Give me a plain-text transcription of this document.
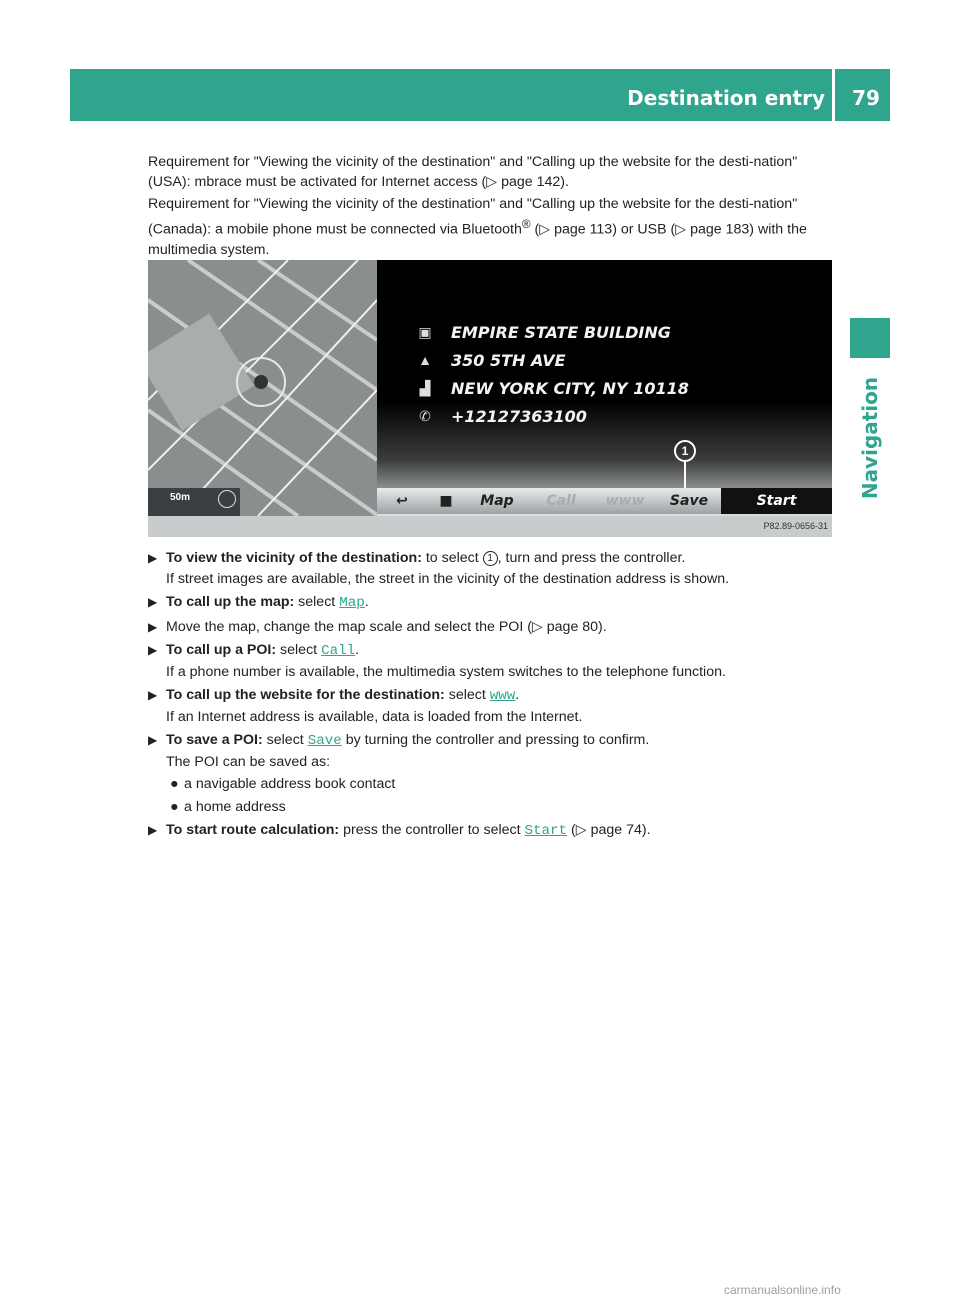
Destination entry	79
Navigation

Requirement for "Viewing the vicinity of the destination" and "Calling up the website for the desti-nation" (USA): mbrace must be activated for Internet access (▷ page 142).

Requirement for "Viewing the vicinity of the destination" and "Calling up the website for the desti-nation" (Canada): a mobile phone must be connected via Bluetooth® (▷ page 113) or USB (▷ page 183) with the multimedia system.

50m
▣ EMPIRE STATE BUILDING
▲ 350 5TH AVE
▟ NEW YORK CITY, NY 10118
✆ +12127363100
1
↩	■	Map	Call	www	Save	Start
P82.89-0656-31
▶ To view the vicinity of the destination: to select 1 , turn and press the controller.
If street images are available, the street in the vicinity of the destination address is shown.
▶ To call up the map: select Map.
▶ Move the map, change the map scale and select the POI (▷ page 80).
▶ To call up a POI: select Call.
If a phone number is available, the multimedia system switches to the telephone function.
▶ To call up the website for the destination: select www.
If an Internet address is available, data is loaded from the Internet.
▶ To save a POI: select Save by turning the controller and pressing to confirm.
The POI can be saved as:
● a navigable address book contact
● a home address
▶ To start route calculation: press the controller to select Start (▷ page 74).
carmanualsonline.info
